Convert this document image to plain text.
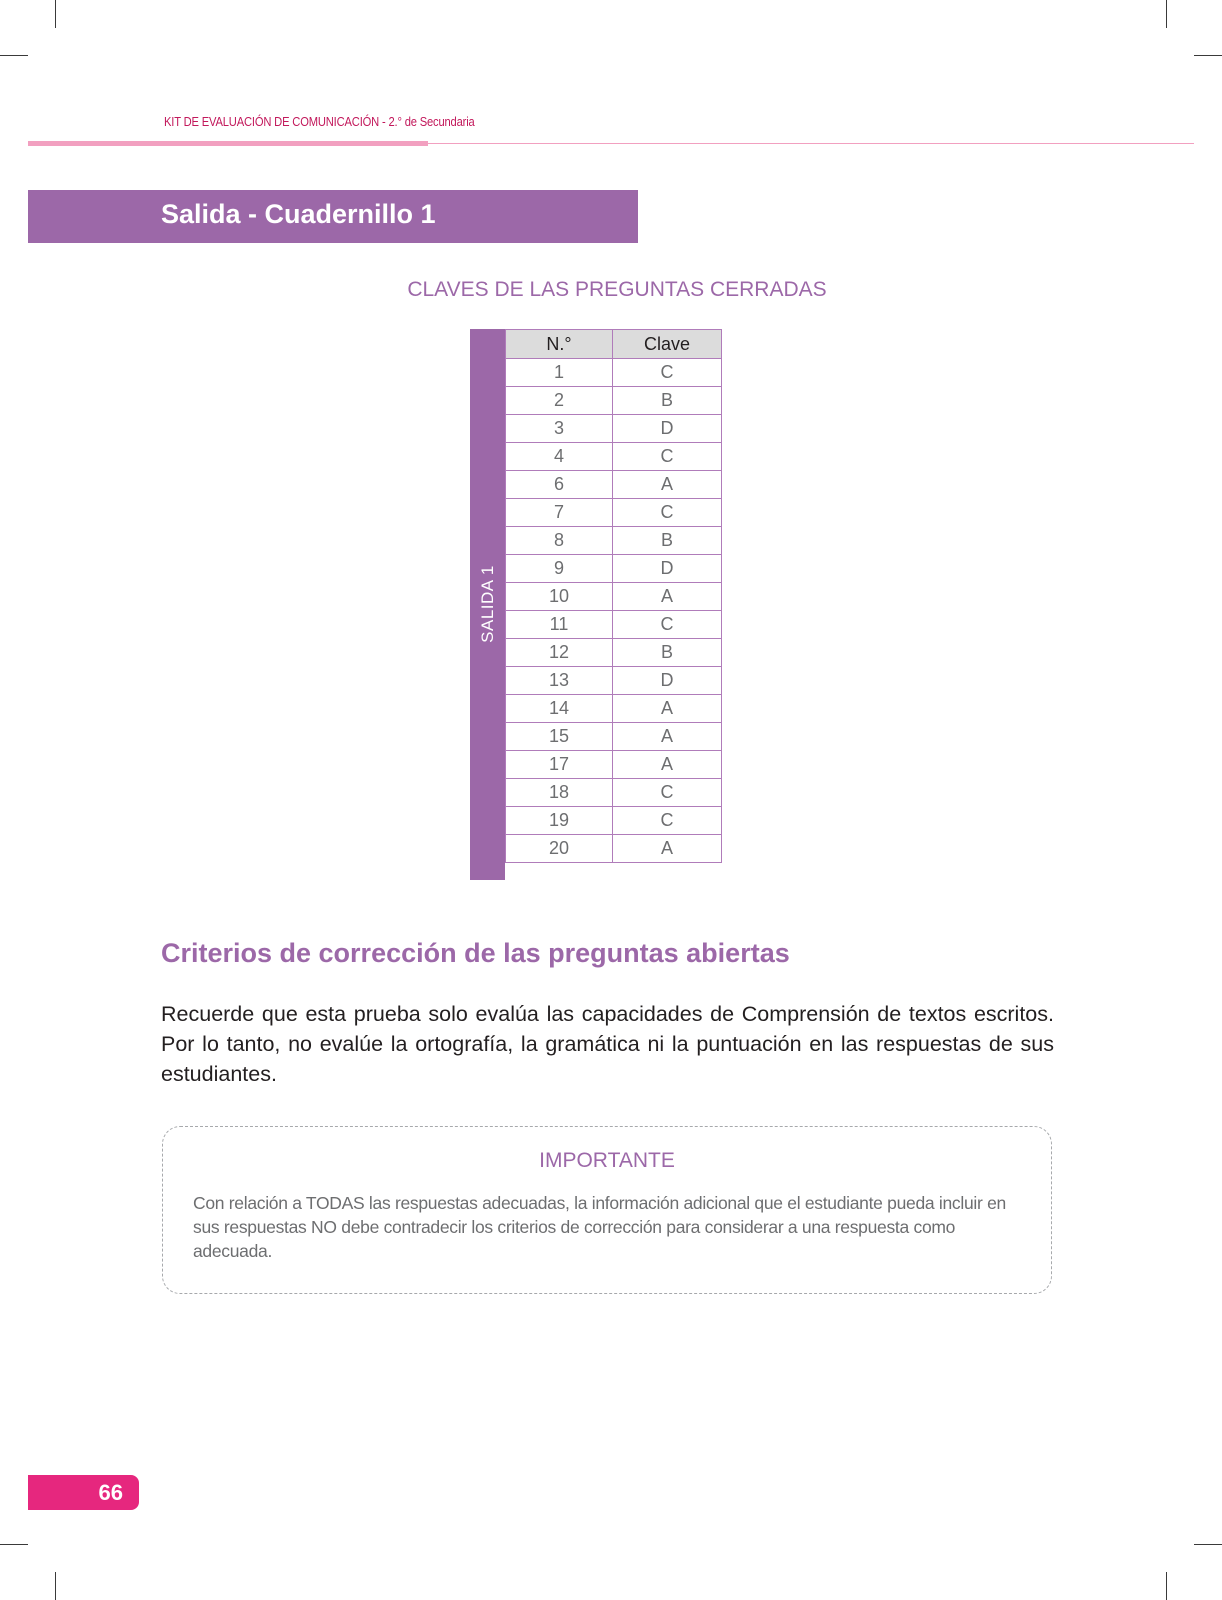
KIT DE EVALUACIÓN DE COMUNICACIÓN - 2.° de Secundaria
Salida - Cuadernillo 1
CLAVES DE LAS PREGUNTAS CERRADAS
SALIDA 1
N.°	Clave
1	C
2	B
3	D
4	C
6	A
7	C
8	B
9	D
10	A
11	C
12	B
13	D
14	A
15	A
17	A
18	C
19	C
20	A
Criterios de corrección de las preguntas abiertas
Recuerde que esta prueba solo evalúa las capacidades de Comprensión de textos escritos. Por lo tanto, no evalúe la ortografía, la gramática ni la puntuación en las respuestas de sus estudiantes.
IMPORTANTE
Con relación a TODAS las respuestas adecuadas, la información adicional que el estudiante pueda incluir en sus respuestas NO debe contradecir los criterios de corrección para considerar a una respuesta como adecuada.
66
